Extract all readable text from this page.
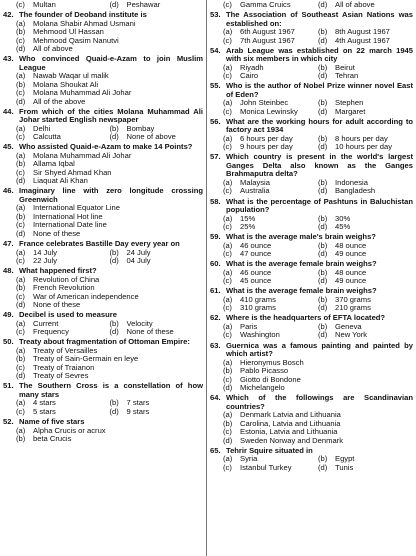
(c)	Multan	(d)	Peshawar
42. The founder of Deoband institute is
(a)	Molana Shabir Ahmad Usmani
(b)	Mehmood Ul Hassan
(c)	Mehmood Qasim Nanutvi
(d)	All of above
43. Who convinced Quaid-e-Azam to join Muslim League
(a)	Nawab Waqar ul malik
(b)	Molana Shoukat Ali
(c)	Molana Muhammad Ali Johar
(d)	All of the above
44. From which of the cities Molana Muhammad Ali Johar started English newspaper
(a)	Delhi	(b)	Bombay
(c)	Calcutta	(d)	None of above
45. Who assisted Quaid-e-Azam to make 14 Points?
(a)	Molana Muhammad Ali Johar
(b)	Allama Iqbal
(c)	Sir Shyed Ahmad Khan
(d)	Liaquat Ali Khan
46. Imaginary line with zero longitude crossing Greenwich
(a)	International Equator Line
(b)	International Hot line
(c)	International Date line
(d)	None of these
47. France celebrates Bastille Day every year on
(a)	14 July	(b)	24 July
(c)	22 July	(d)	04 July
48. What happened first?
(a)	Revolution of China
(b)	French Revolution
(c)	War of American independence
(d)	None of these
49. Decibel is used to measure
(a)	Current	(b)	Velocity
(c)	Frequency	(d)	None of these
50. Treaty about fragmentation of Ottoman Empire:
(a)	Treaty of Versailles
(b)	Treaty of Sain-Germain en leye
(c)	Treaty of Traianon
(d)	Treaty of Sevres
51. The Southern Cross is a constellation of how many stars
(a)	4 stars	(b)	7 stars
(c)	5 stars	(d)	9 stars
52. Name of five stars
(a)	Alpha Crucis or acrux
(b)	beta Crucis
(c)	Gamma Cruics	(d)	All of above
53. The Association of Southeast Asian Nations was established on:
(a)	6th August 1967	(b)	8th August 1967
(c)	7th August 1967	(d)	4th August 1967
54. Arab League was established on 22 march 1945 with six members in which city
(a)	Riyadh	(b)	Beirut
(c)	Cairo	(d)	Tehran
55. Who is the author of Nobel Prize winner novel East of Eden?
(a)	John Steinbec	(b)	Stephen
(c)	Monica Lewinsky	(d)	Margaret
56. What are the working hours for adult according to factory act 1934
(a)	6 hours per day	(b)	8 hours per day
(c)	9 hours per day	(d)	10 hours per day
57. Which country is present in the world's largest Ganges Delta also known as the Ganges Brahmaputra delta?
(a)	Malaysia	(b)	Indonesia
(c)	Australia	(d)	Bangladesh
58. What is the percentage of Pashtuns in Baluchistan population?
(a)	15%	(b)	30%
(c)	25%	(d)	45%
59. What is the average male's brain weighs?
(a)	46 ounce	(b)	48 ounce
(c)	47 ounce	(d)	49 ounce
60. What is the average female brain weighs?
(a)	46 ounce	(b)	48 ounce
(c)	45 ounce	(d)	49 ounce
61. What is the average female brain weighs?
(a)	410 grams	(b)	370 grams
(c)	310 grams	(d)	210 grams
62. Where is the headquarters of EFTA located?
(a)	Paris	(b)	Geneva
(c)	Washington	(d)	New York
63. Guernica was a famous painting and painted by which artist?
(a)	Hieronymus Bosch
(b)	Pablo Picasso
(c)	Giotto di Bondone
(d)	Michelangelo
64. Which of the followings are Scandinavian countries?
(a)	Denmark Latvia and Lithuania
(b)	Carolina, Latvia and Lithuania
(c)	Estonia, Latvia and Lithuania
(d)	Sweden Norway and Denmark
65. Tehrir Squire situated in
(a)	Syria	(b)	Egypt
(c)	Istanbul Turkey	(d)	Tunis
